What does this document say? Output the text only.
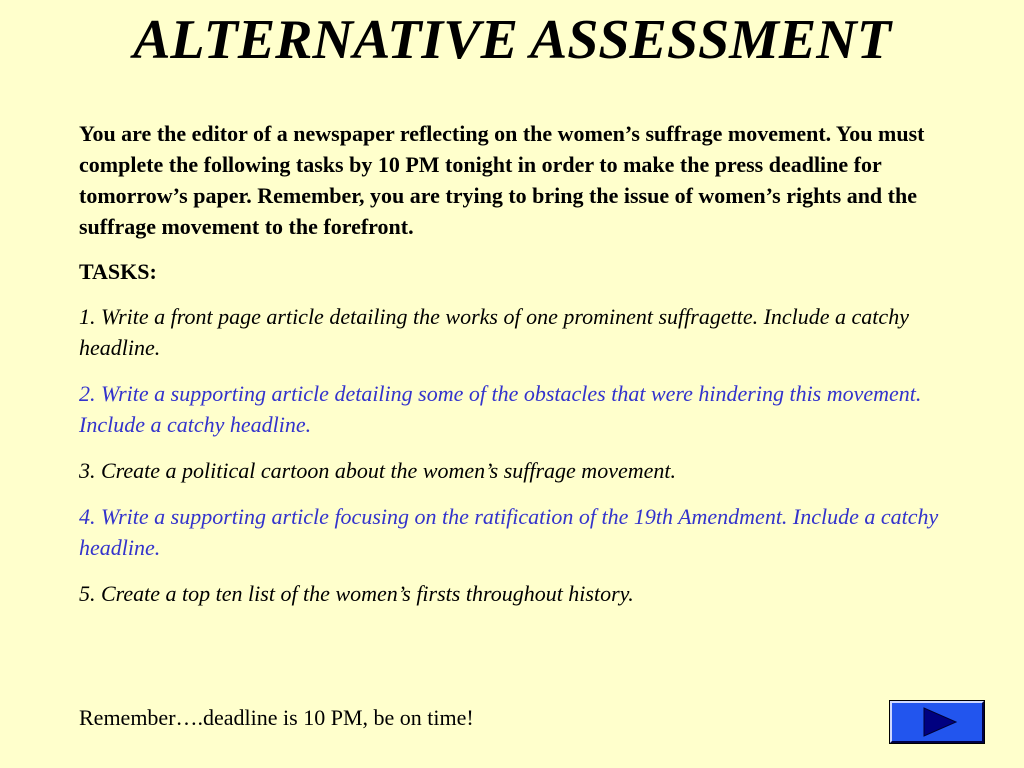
ALTERNATIVE ASSESSMENT

You are the editor of a newspaper reflecting on the women’s suffrage movement. You must complete the following tasks by 10 PM tonight in order to make the press deadline for tomorrow’s paper. Remember, you are trying to bring the issue of women’s rights and the suffrage movement to the forefront.

TASKS:

1. Write a front page article detailing the works of one prominent suffragette. Include a catchy headline.

2. Write a supporting article detailing some of the obstacles that were hindering this movement. Include a catchy headline.

3. Create a political cartoon about the women’s suffrage movement.

4. Write a supporting article focusing on the ratification of the 19th Amendment. Include a catchy headline.

5. Create a top ten list of the women’s firsts throughout history.

Remember….deadline is 10 PM, be on time!
